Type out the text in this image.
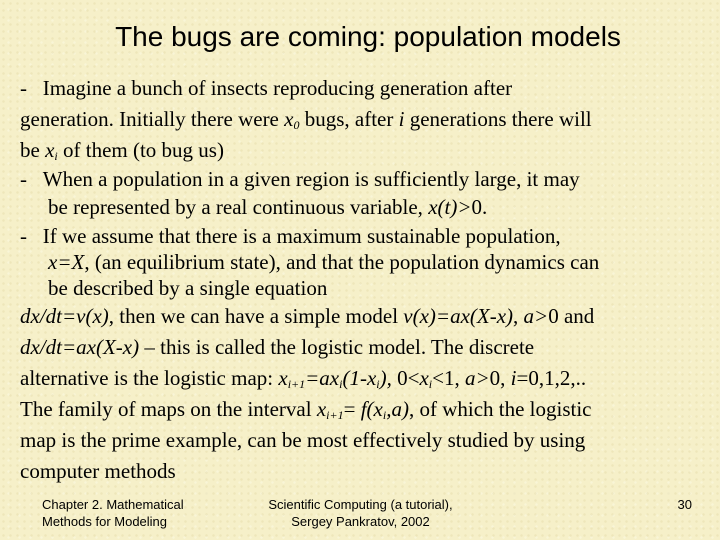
The bugs are coming: population models
- Imagine a bunch of insects reproducing generation after
generation. Initially there were $x_0$ bugs, after i generations there will
be $x_i$ of them (to bug us)
- When a population in a given region is sufficiently large, it may
be represented by a real continuous variable, x(t)>0.
- If we assume that there is a maximum sustainable population,
x=X, (an equilibrium state), and that the population dynamics can
be described by a single equation
dx/dt=v(x), then we can have a simple model v(x)=ax(X-x), a>0 and
dx/dt=ax(X-x) – this is called the logistic model. The discrete
alternative is the logistic map: $x_{i+1}=ax_i(1-x_i)$, $0<x_i<1$, a>0, i=0,1,2,..
The family of maps on the interval $x_{i+1}= f(x_i,a)$, of which the logistic
map is the prime example, can be most effectively studied by using
computer methods
Chapter 2. Mathematical
Methods for Modeling
Scientific Computing (a tutorial),
Sergey Pankratov, 2002
30
